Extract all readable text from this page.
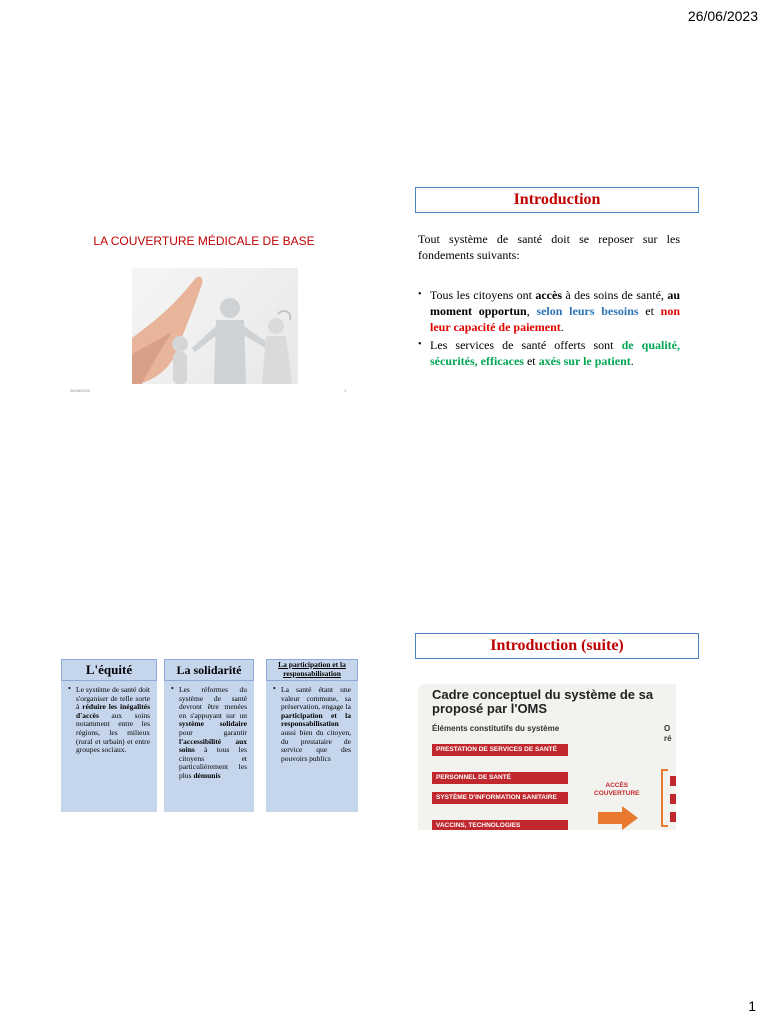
26/06/2023
LA COUVERTURE MÉDICALE DE BASE
26/06/2023	1
Introduction

Tout système de santé doit se reposer sur les fondements suivants:

• Tous les citoyens ont accès à des soins de santé, au moment opportun, selon leurs besoins et non leur capacité de paiement.
• Les services de santé offerts sont de qualité, sécurités, efficaces et axés sur le patient.
L'équité
• Le système de santé doit s'organiser de telle sorte à réduire les inégalités d'accès aux soins notamment entre les régions, les milieux (rural et urbain) et entre groupes sociaux.
La solidarité
• Les réformes du système de santé devront être menées en s'appuyant sur un système solidaire pour garantir l'accessibilité aux soins à tous les citoyens et particulièrement les plus démunis
La participation et la responsabilisation
• La santé étant une valeur commune, sa préservation, engage la participation et la responsabilisation aussi bien du citoyen, du prestataire de service que des pouvoirs publics
Introduction (suite)
Cadre conceptuel du système de sa
proposé par l'OMS
Éléments constitutifs du système	O
ré
PRESTATION DE SERVICES DE SANTÉ
PERSONNEL DE SANTÉ
SYSTÈME D'INFORMATION SANITAIRE
VACCINS, TECHNOLOGIES
ACCÈS
COUVERTURE
1
